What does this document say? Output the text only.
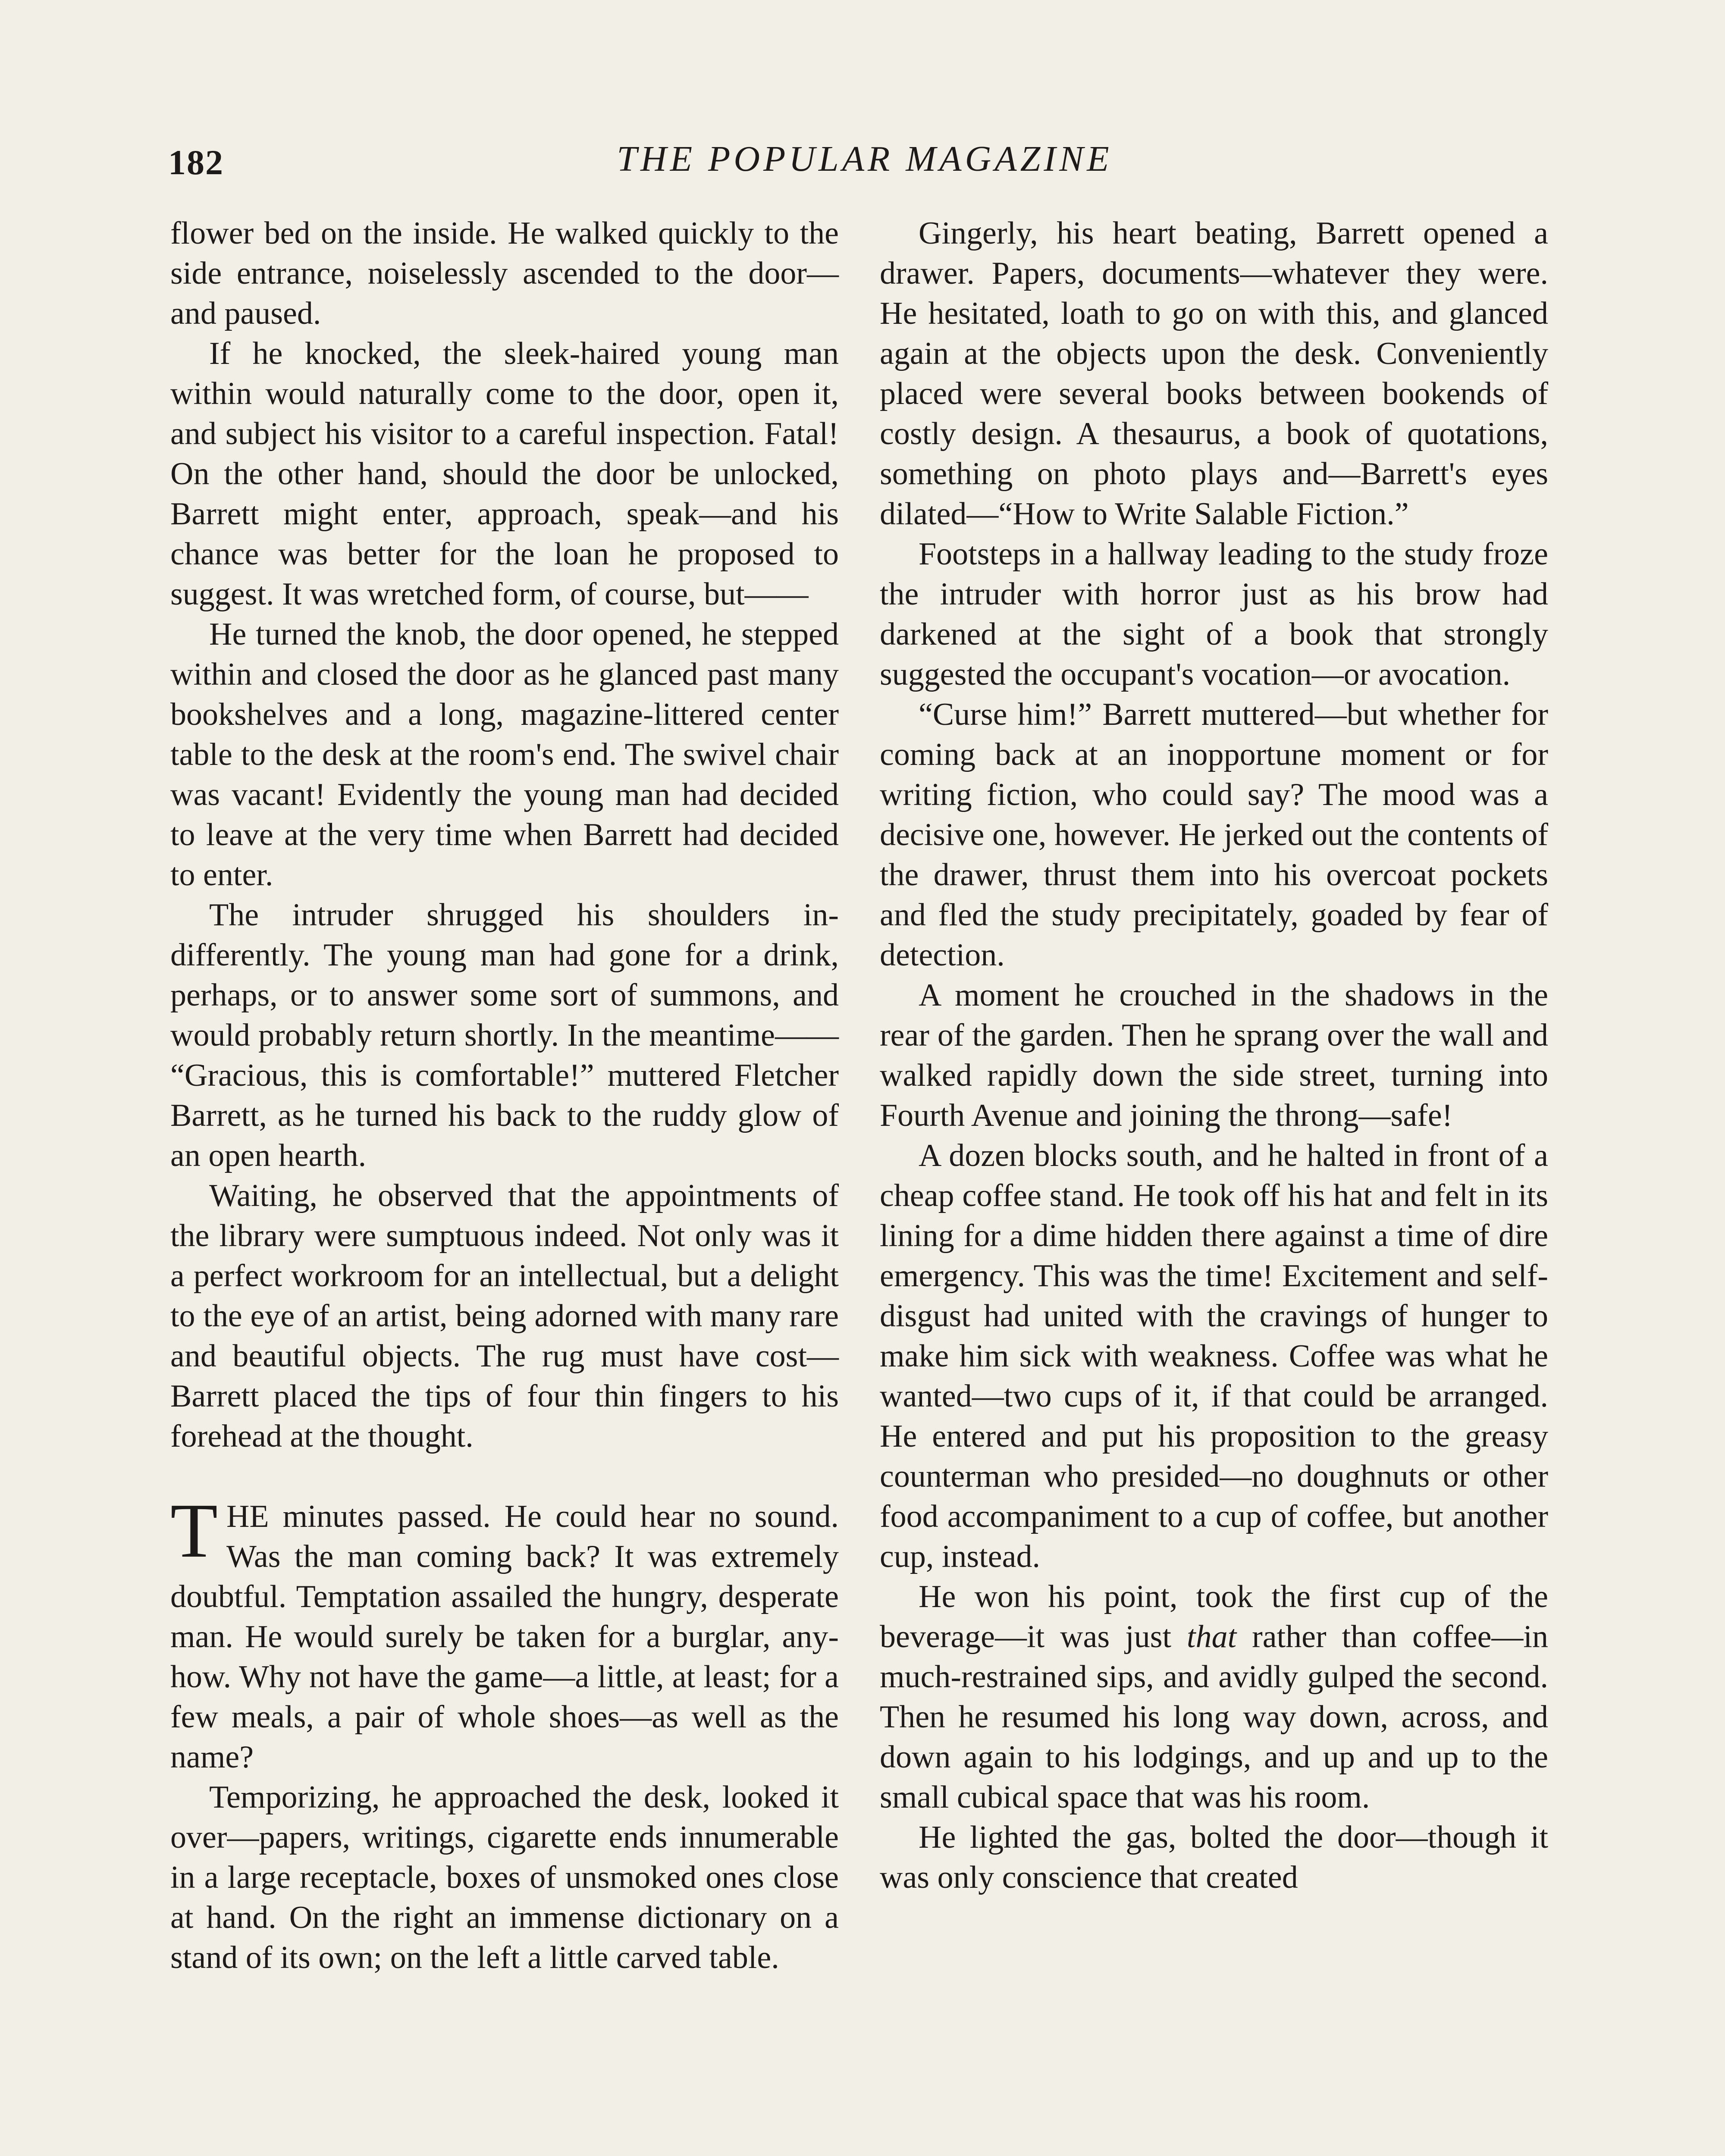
182	THE POPULAR MAGAZINE

flower bed on the inside. He walked quickly to the side entrance, noiselessly ascended to the door—and paused.

If he knocked, the sleek-haired young man within would naturally come to the door, open it, and subject his visitor to a careful inspection. Fatal! On the other hand, should the door be unlocked, Barrett might enter, approach, speak—and his chance was better for the loan he proposed to suggest. It was wretched form, of course, but——

He turned the knob, the door opened, he stepped within and closed the door as he glanced past many bookshelves and a long, magazine-littered center table to the desk at the room's end. The swivel chair was vacant! Evidently the young man had decided to leave at the very time when Barrett had decided to enter.

The intruder shrugged his shoulders indifferently. The young man had gone for a drink, perhaps, or to answer some sort of summons, and would probably return shortly. In the meantime—— “Gracious, this is comfortable!” muttered Fletcher Barrett, as he turned his back to the ruddy glow of an open hearth.

Waiting, he observed that the appointments of the library were sumptuous indeed. Not only was it a perfect workroom for an intellectual, but a delight to the eye of an artist, being adorned with many rare and beautiful objects. The rug must have cost—Barrett placed the tips of four thin fingers to his forehead at the thought.

THE minutes passed. He could hear no sound. Was the man coming back? It was extremely doubtful. Temptation assailed the hungry, desperate man. He would surely be taken for a burglar, anyhow. Why not have the game—a little, at least; for a few meals, a pair of whole shoes—as well as the name?

Temporizing, he approached the desk, looked it over—papers, writings, cigarette ends innumerable in a large receptacle, boxes of unsmoked ones close at hand. On the right an immense dictionary on a stand of its own; on the left a little carved table.

Gingerly, his heart beating, Barrett opened a drawer. Papers, documents—whatever they were. He hesitated, loath to go on with this, and glanced again at the objects upon the desk. Conveniently placed were several books between bookends of costly design. A thesaurus, a book of quotations, something on photo plays and—Barrett's eyes dilated—“How to Write Salable Fiction.”

Footsteps in a hallway leading to the study froze the intruder with horror just as his brow had darkened at the sight of a book that strongly suggested the occupant's vocation—or avocation.

“Curse him!” Barrett muttered—but whether for coming back at an inopportune moment or for writing fiction, who could say? The mood was a decisive one, however. He jerked out the contents of the drawer, thrust them into his overcoat pockets and fled the study precipitately, goaded by fear of detection.

A moment he crouched in the shadows in the rear of the garden. Then he sprang over the wall and walked rapidly down the side street, turning into Fourth Avenue and joining the throng—safe!

A dozen blocks south, and he halted in front of a cheap coffee stand. He took off his hat and felt in its lining for a dime hidden there against a time of dire emergency. This was the time! Excitement and self-disgust had united with the cravings of hunger to make him sick with weakness. Coffee was what he wanted—two cups of it, if that could be arranged. He entered and put his proposition to the greasy counterman who presided—no doughnuts or other food accompaniment to a cup of coffee, but another cup, instead.

He won his point, took the first cup of the beverage—it was just that rather than coffee—in much-restrained sips, and avidly gulped the second. Then he resumed his long way down, across, and down again to his lodgings, and up and up to the small cubical space that was his room.

He lighted the gas, bolted the door—though it was only conscience that created
